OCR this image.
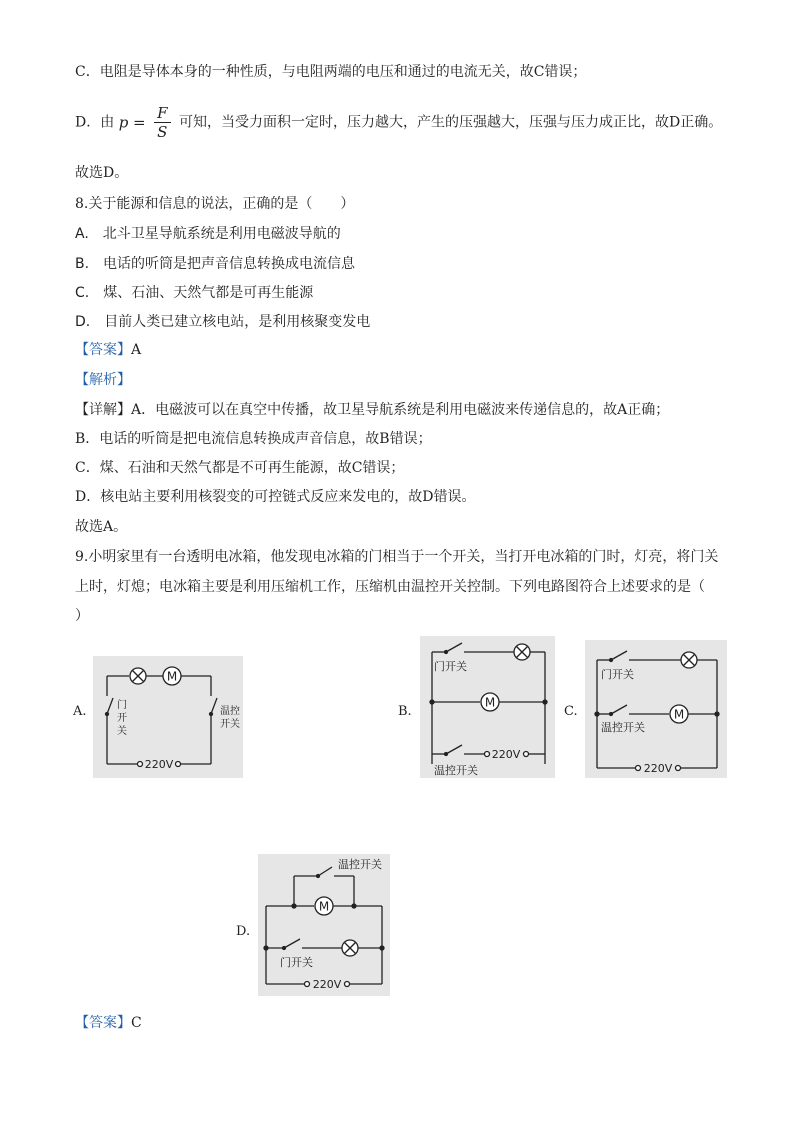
C．电阻是导体本身的一种性质，与电阻两端的电压和通过的电流无关，故C错误；
D．由 $p = \frac{F}{S}$ 可知，当受力面积一定时，压力越大，产生的压强越大，压强与压力成正比，故D正确。
故选D。
8.关于能源和信息的说法，正确的是（　　）
A.　北斗卫星导航系统是利用电磁波导航的
B.　电话的听筒是把声音信息转换成电流信息
C.　煤、石油、天然气都是可再生能源
D.　目前人类已建立核电站，是利用核聚变发电
【答案】A
【解析】
【详解】A．电磁波可以在真空中传播，故卫星导航系统是利用电磁波来传递信息的，故A正确；
B．电话的听筒是把电流信息转换成声音信息，故B错误；
C．煤、石油和天然气都是不可再生能源，故C错误；
D．核电站主要利用核裂变的可控链式反应来发电的，故D错误。
故选A。
9.小明家里有一台透明电冰箱，他发现电冰箱的门相当于一个开关，当打开电冰箱的门时，灯亮，将门关
上时，灯熄；电冰箱主要是利用压缩机工作，压缩机由温控开关控制。下列电路图符合上述要求的是（
）
A.
M
门
开
关
温控
开关
220V
B.
M
门开关
220V
温控开关
C.	M
门开关
温控开关
220V
D.
M
温控开关
门开关
220V
【答案】C
